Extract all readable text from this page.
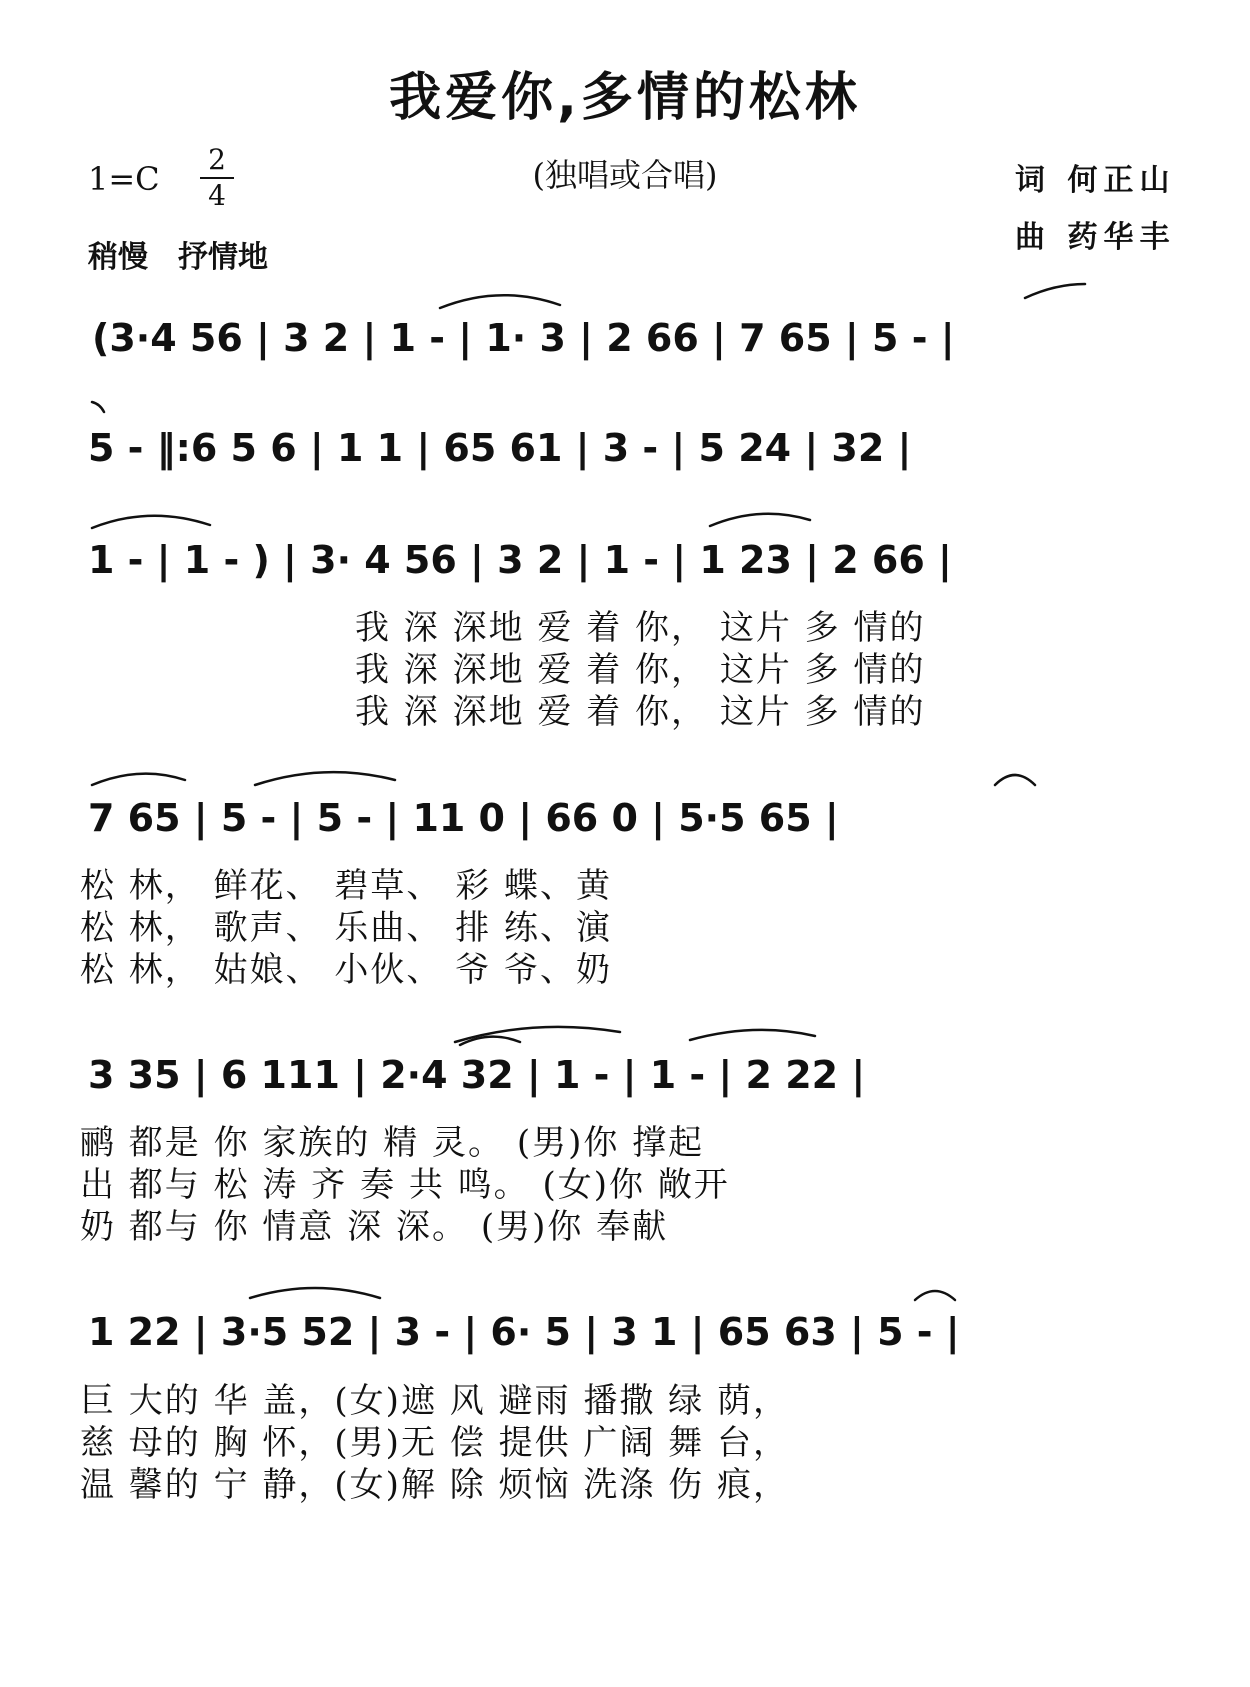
我爱你,多情的松林
(独唱或合唱)
1=C
2
4
稍慢　抒情地
词 何正山
曲 药华丰
(3·4 56 | 3 2 | 1 - | 1· 3 | 2 66 | 7 65 | 5 - |
5 - ‖:6 5 6 | 1 1 | 65 61 | 3 - | 5 24 | 32 |
1 - | 1 - ) | 3· 4 56 | 3 2 | 1 - | 1 23 | 2 66 |
我 深 深地 爱 着 你， 这片 多 情的
我 深 深地 爱 着 你， 这片 多 情的
我 深 深地 爱 着 你， 这片 多 情的
7 65 | 5 - | 5 - | 11 0 | 66 0 | 5·5 65 |
松 林， 鲜花、 碧草、 彩 蝶、黄
松 林， 歌声、 乐曲、 排 练、演
松 林， 姑娘、 小伙、 爷 爷、奶
3 35 | 6 111 | 2·4 32 | 1 - | 1 - | 2 22 |
鹂 都是 你 家族的 精 灵。 (男)你 撑起
出 都与 松 涛 齐 奏 共 鸣。 (女)你 敞开
奶 都与 你 情意 深 深。 (男)你 奉献
1 22 | 3·5 52 | 3 - | 6· 5 | 3 1 | 65 63 | 5 - |
巨 大的 华 盖，(女)遮 风 避雨 播撒 绿 荫，
慈 母的 胸 怀，(男)无 偿 提供 广阔 舞 台，
温 馨的 宁 静，(女)解 除 烦恼 洗涤 伤 痕，
